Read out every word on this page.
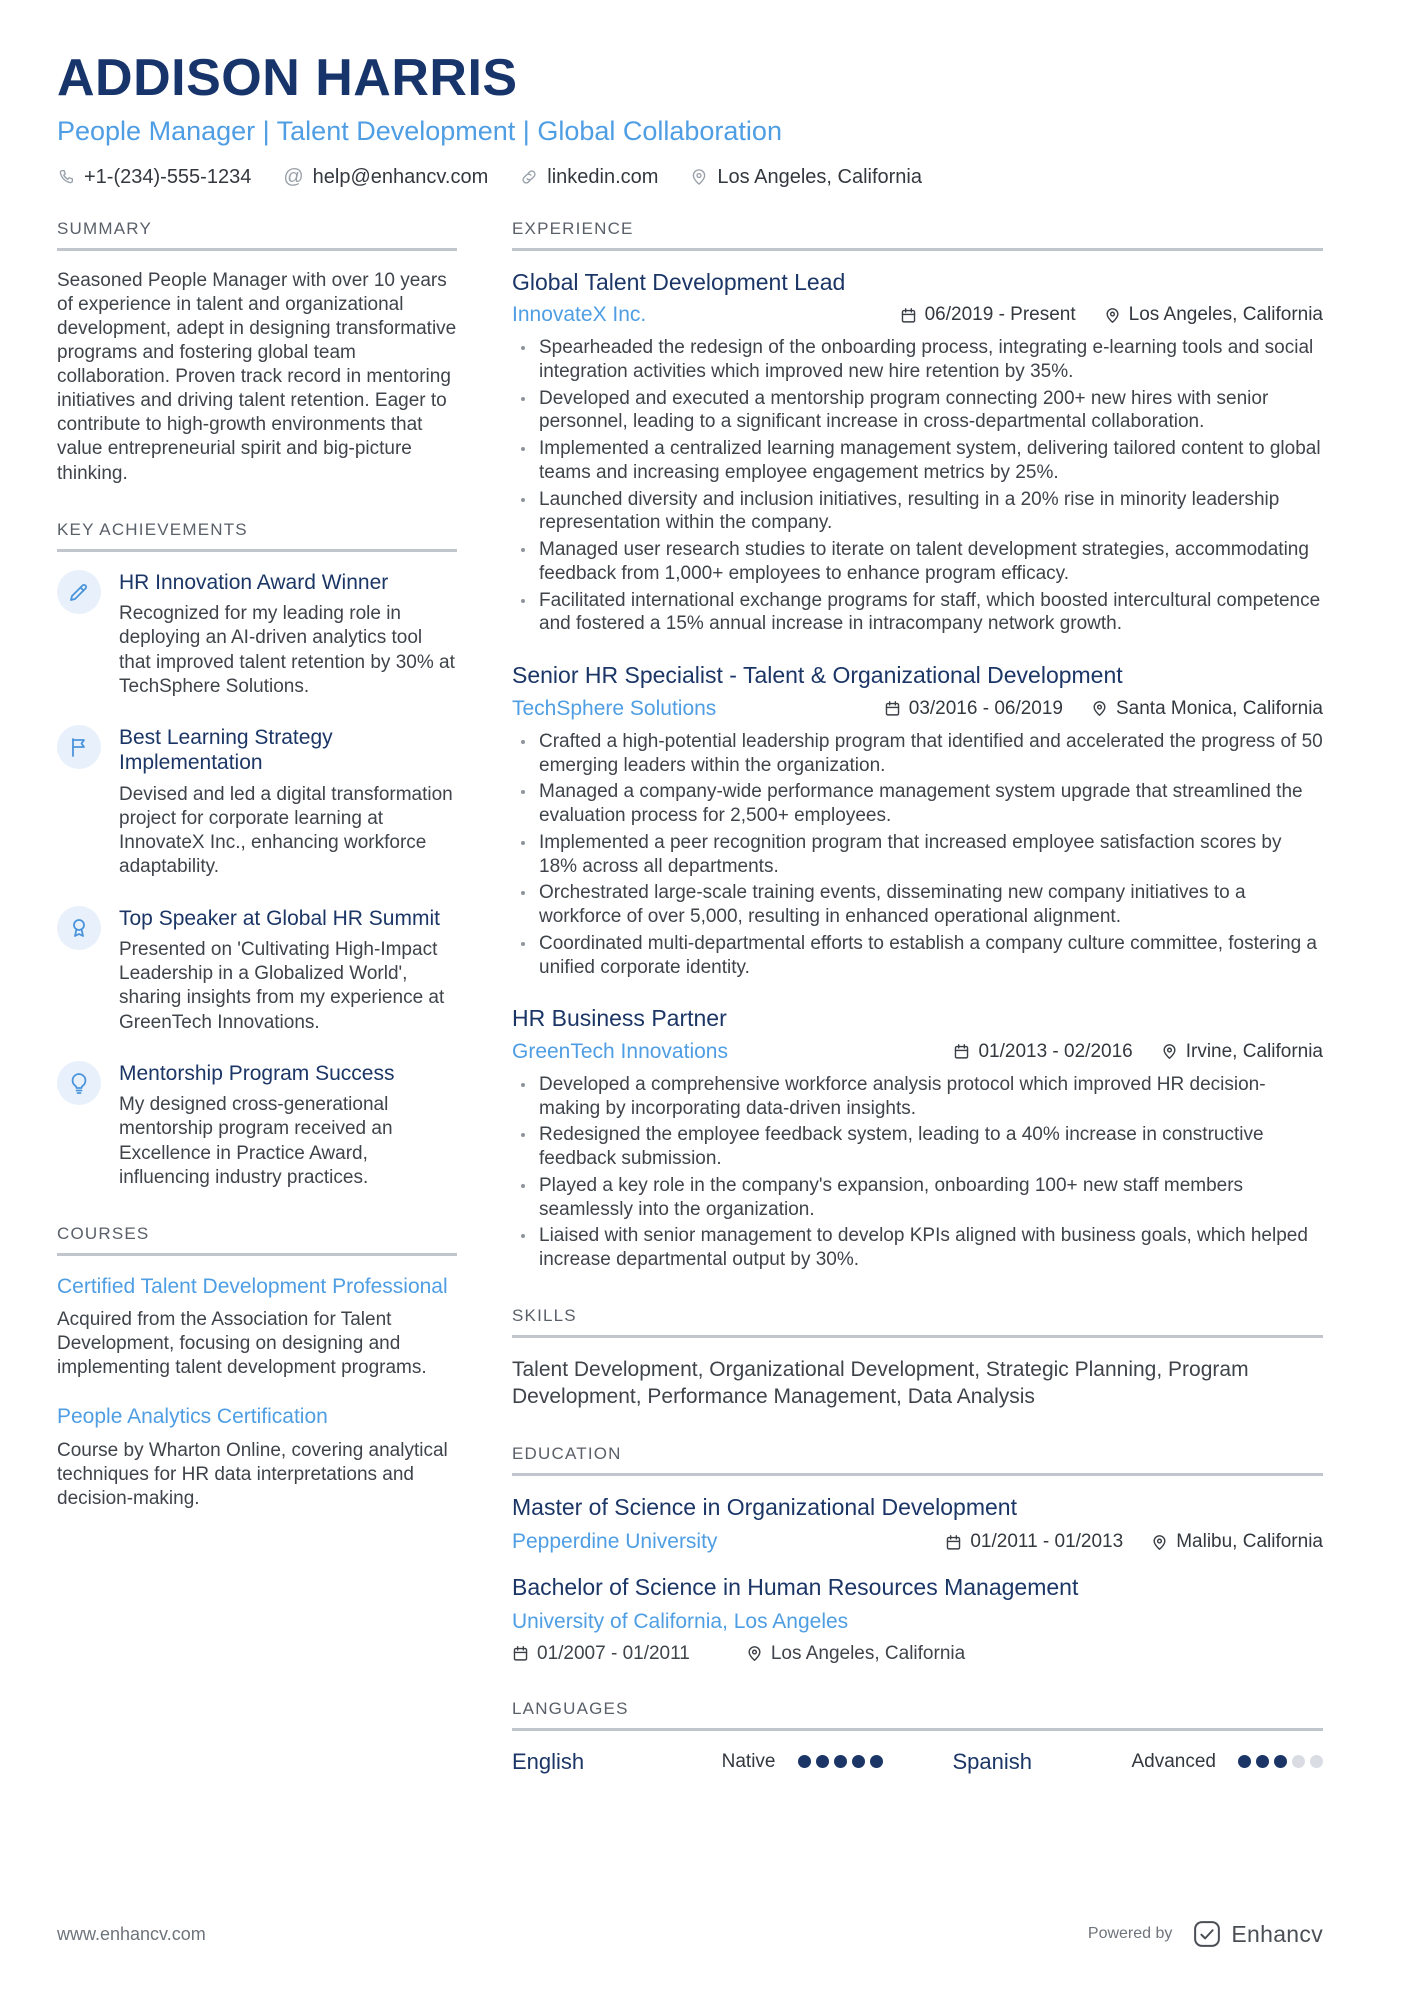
ADDISON HARRIS
People Manager | Talent Development | Global Collaboration
+1-(234)-555-1234 @ help@enhancv.com	linkedin.com	Los Angeles, California
SUMMARY

Seasoned People Manager with over 10 years of experience in talent and organizational development, adept in designing transformative programs and fostering global team collaboration. Proven track record in mentoring initiatives and driving talent retention. Eager to contribute to high-growth environments that value entrepreneurial spirit and big-picture thinking.

KEY ACHIEVEMENTS
HR Innovation Award Winner

Recognized for my leading role in deploying an AI-driven analytics tool that improved talent retention by 30% at TechSphere Solutions.

Best Learning Strategy Implementation

Devised and led a digital transformation project for corporate learning at InnovateX Inc., enhancing workforce adaptability.

Top Speaker at Global HR Summit

Presented on 'Cultivating High-Impact Leadership in a Globalized World', sharing insights from my experience at GreenTech Innovations.

Mentorship Program Success

My designed cross-generational mentorship program received an Excellence in Practice Award, influencing industry practices.

COURSES
Certified Talent Development Professional

Acquired from the Association for Talent Development, focusing on designing and implementing talent development programs.

People Analytics Certification

Course by Wharton Online, covering analytical techniques for HR data interpretations and decision-making.

EXPERIENCE
Global Talent Development Lead
InnovateX Inc.	06/2019 - Present	Los Angeles, California
Spearheaded the redesign of the onboarding process, integrating e-learning tools and social integration activities which improved new hire retention by 35%.
Developed and executed a mentorship program connecting 200+ new hires with senior personnel, leading to a significant increase in cross-departmental collaboration.
Implemented a centralized learning management system, delivering tailored content to global teams and increasing employee engagement metrics by 25%.
Launched diversity and inclusion initiatives, resulting in a 20% rise in minority leadership representation within the company.
Managed user research studies to iterate on talent development strategies, accommodating feedback from 1,000+ employees to enhance program efficacy.
Facilitated international exchange programs for staff, which boosted intercultural competence and fostered a 15% annual increase in intracompany network growth.
Senior HR Specialist - Talent & Organizational Development
TechSphere Solutions	03/2016 - 06/2019	Santa Monica, California
Crafted a high-potential leadership program that identified and accelerated the progress of 50 emerging leaders within the organization.
Managed a company-wide performance management system upgrade that streamlined the evaluation process for 2,500+ employees.
Implemented a peer recognition program that increased employee satisfaction scores by 18% across all departments.
Orchestrated large-scale training events, disseminating new company initiatives to a workforce of over 5,000, resulting in enhanced operational alignment.
Coordinated multi-departmental efforts to establish a company culture committee, fostering a unified corporate identity.
HR Business Partner
GreenTech Innovations	01/2013 - 02/2016	Irvine, California
Developed a comprehensive workforce analysis protocol which improved HR decision-making by incorporating data-driven insights.
Redesigned the employee feedback system, leading to a 40% increase in constructive feedback submission.
Played a key role in the company's expansion, onboarding 100+ new staff members seamlessly into the organization.
Liaised with senior management to develop KPIs aligned with business goals, which helped increase departmental output by 30%.
SKILLS

Talent Development, Organizational Development, Strategic Planning, Program Development, Performance Management, Data Analysis

EDUCATION
Master of Science in Organizational Development
Pepperdine University	01/2011 - 01/2013	Malibu, California
Bachelor of Science in Human Resources Management
University of California, Los Angeles
01/2007 - 01/2011	Los Angeles, California
LANGUAGES
English	Native	Spanish	Advanced
www.enhancv.com	Powered by	Enhancv
